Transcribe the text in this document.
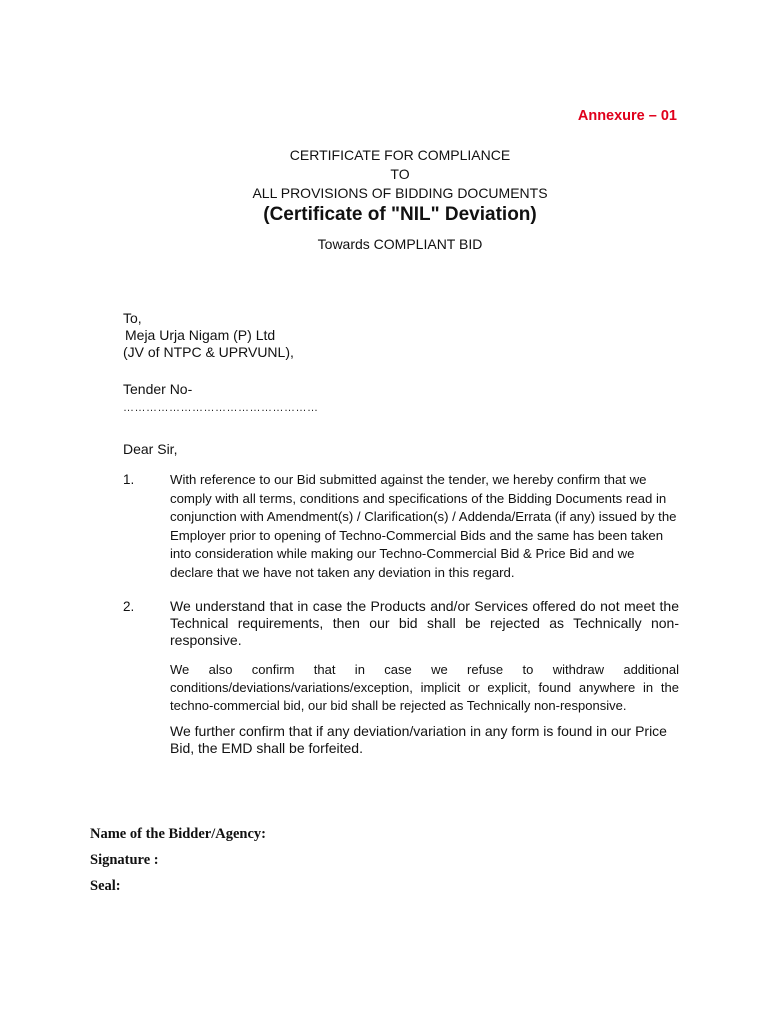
Annexure – 01
CERTIFICATE FOR COMPLIANCE
TO
ALL PROVISIONS OF BIDDING DOCUMENTS
(Certificate of "NIL" Deviation)
Towards COMPLIANT BID
To,
Meja Urja Nigam (P) Ltd
(JV of NTPC & UPRVUNL),
Tender No-
……………………………………………
Dear Sir,
1.	With reference to our Bid submitted against the tender, we hereby confirm that we comply with all terms, conditions and specifications of the Bidding Documents read in conjunction with Amendment(s) / Clarification(s) / Addenda/Errata (if any) issued by the Employer prior to opening of Techno-Commercial Bids and the same has been taken into consideration while making our Techno-Commercial Bid & Price Bid and we declare that we have not taken any deviation in this regard.
2.	We understand that in case the Products and/or Services offered do not meet the Technical requirements, then our bid shall be rejected as Technically non-responsive.
We also confirm that in case we refuse to withdraw additional conditions/deviations/variations/exception, implicit or explicit, found anywhere in the techno-commercial bid, our bid shall be rejected as Technically non-responsive.
We further confirm that if any deviation/variation in any form is found in our Price Bid, the EMD shall be forfeited.
Name of the Bidder/Agency:
Signature :
Seal:
